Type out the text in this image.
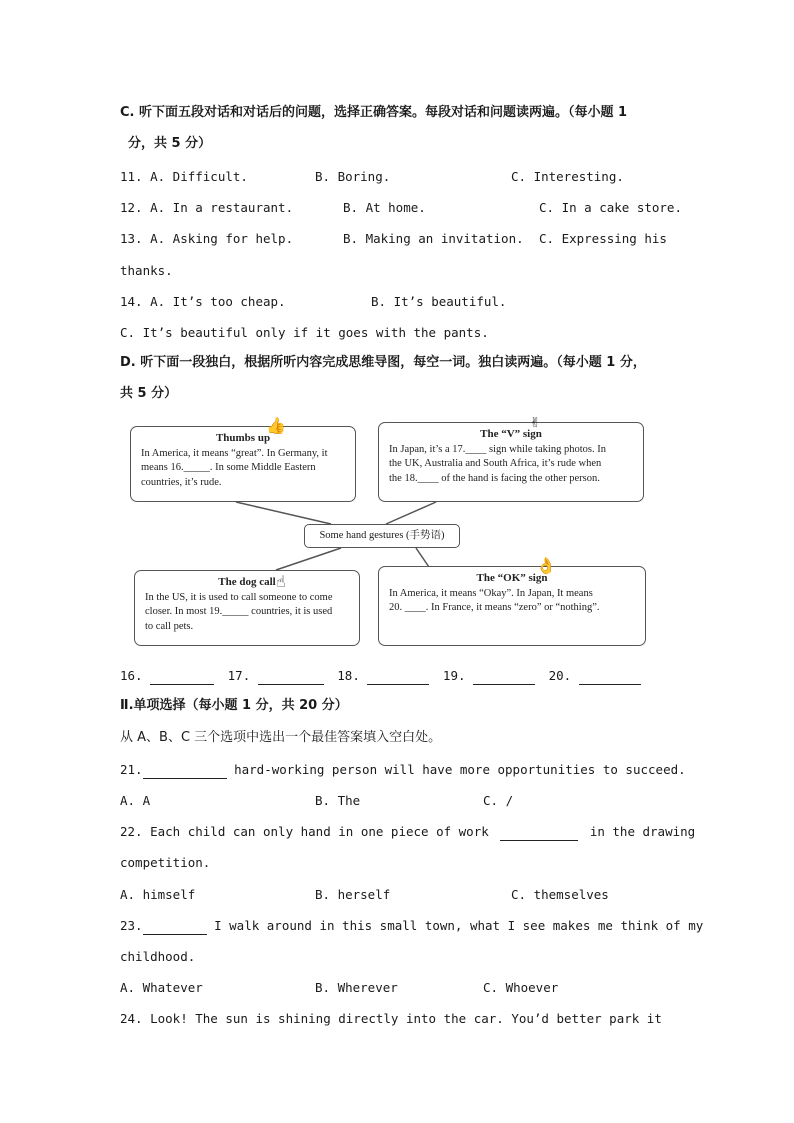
C. 听下面五段对话和对话后的问题，选择正确答案。每段对话和问题读两遍。（每小题 1
分，共 5 分）
11. A. Difficult.	B. Boring.	C. Interesting.
12. A. In a restaurant.	B. At home.	C. In a cake store.
13. A. Asking for help.	B. Making an invitation. C. Expressing his
thanks.
14. A. It’s too cheap.	B. It’s beautiful.
C. It’s beautiful only if it goes with the pants.
D. 听下面一段独白，根据所听内容完成思维导图，每空一词。独白读两遍。（每小题 1 分，
共 5 分）
Thumbs up
In America, it means “great”. In Germany, it
means 16._____. In some Middle Eastern
countries, it’s rude.
👍	The “V” sign
In Japan, it’s a 17.____ sign while taking photos. In
the UK, Australia and South Africa, it’s rude when
the 18.____ of the hand is facing the other person.
✌
Some hand gestures (手势语)
The dog call
In the US, it is used to call someone to come
closer. In most 19._____ countries, it is used
to call pets.
☝	The “OK” sign
In America, it means “Okay”. In Japan, It means
20. ____. In France, it means “zero” or “nothing”.
👌
16.	17.	18.	19.	20.
Ⅱ.单项选择（每小题 1 分，共 20 分）
从 A、B、C 三个选项中选出一个最佳答案填入空白处。
21.	hard-working person will have more opportunities to succeed.
A. A	B. The	C. /
22. Each child can only hand in one piece of work	in the drawing
competition.
A. himself	B. herself	C. themselves
23.	I walk around in this small town, what I see makes me think of my
childhood.
A. Whatever	B. Wherever	C. Whoever
24. Look! The sun is shining directly into the car. You’d better park it
